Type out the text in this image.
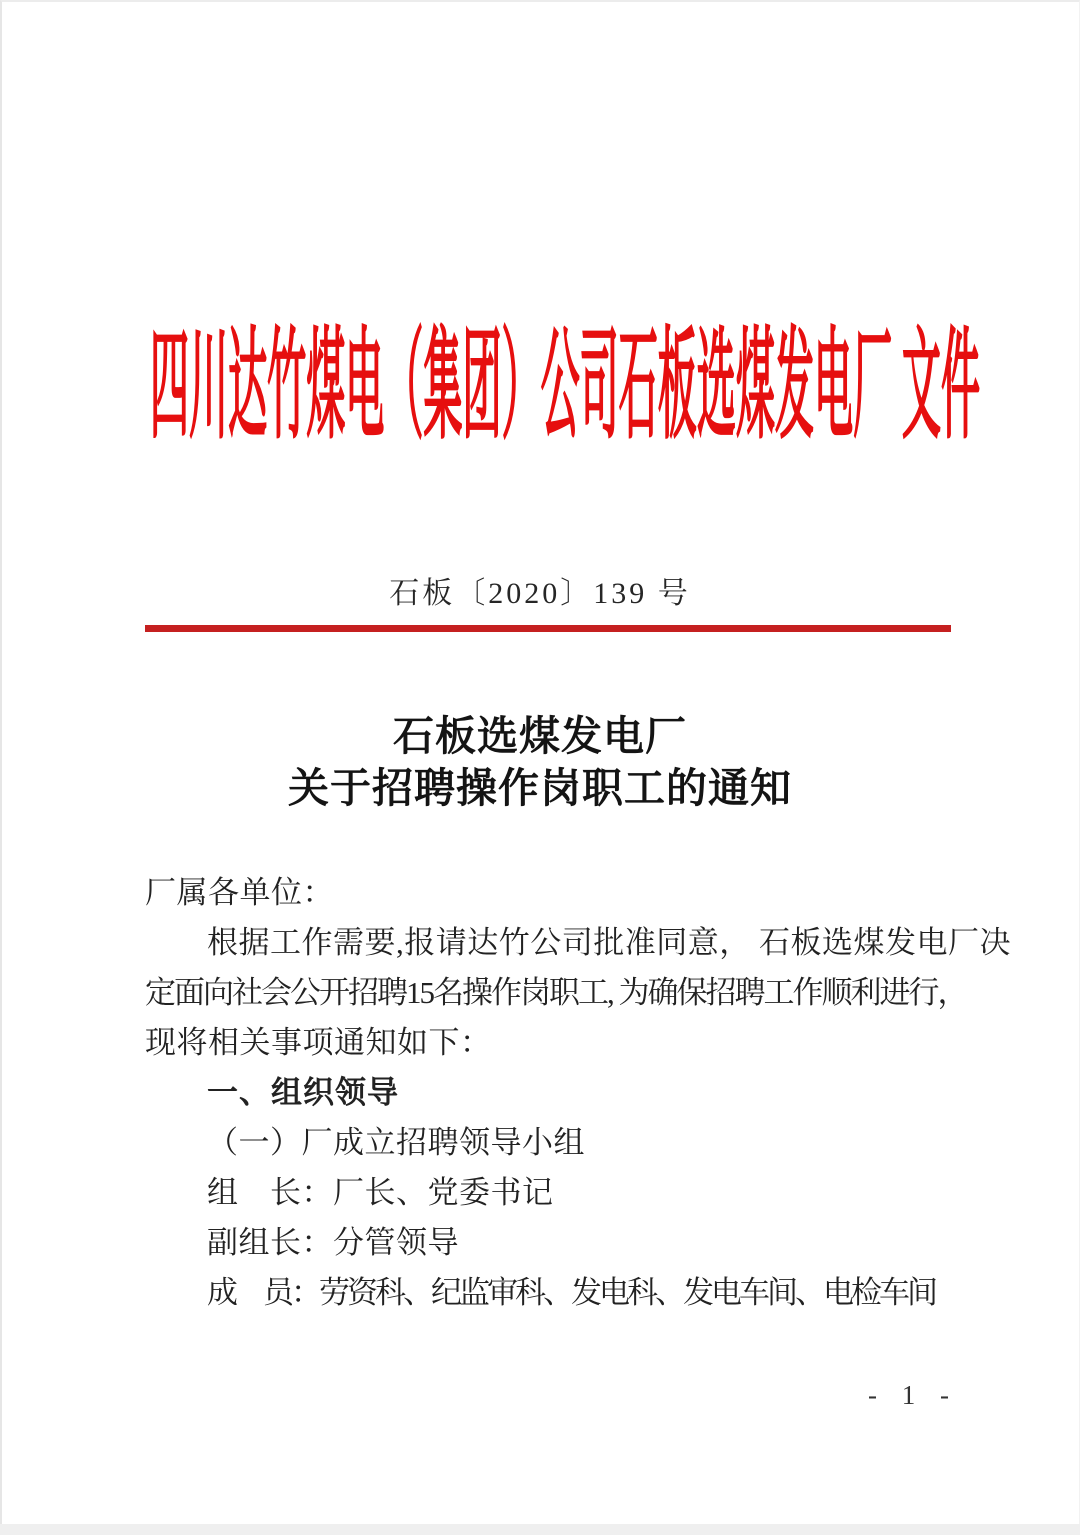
四川达竹煤电（集团）公司石板选煤发电厂 文件
石板〔2020〕139 号
石板选煤发电厂
关于招聘操作岗职工的通知
厂属各单位：
根据工作需要,报请达竹公司批准同意， 石板选煤发电厂决
定面向社会公开招聘15名操作岗职工, 为确保招聘工作顺利进行，
现将相关事项通知如下：
一、组织领导
（一）厂成立招聘领导小组
组　长：厂长、党委书记
副组长：分管领导
成　员：劳资科、纪监审科、发电科、发电车间、电检车间
- 1 -
